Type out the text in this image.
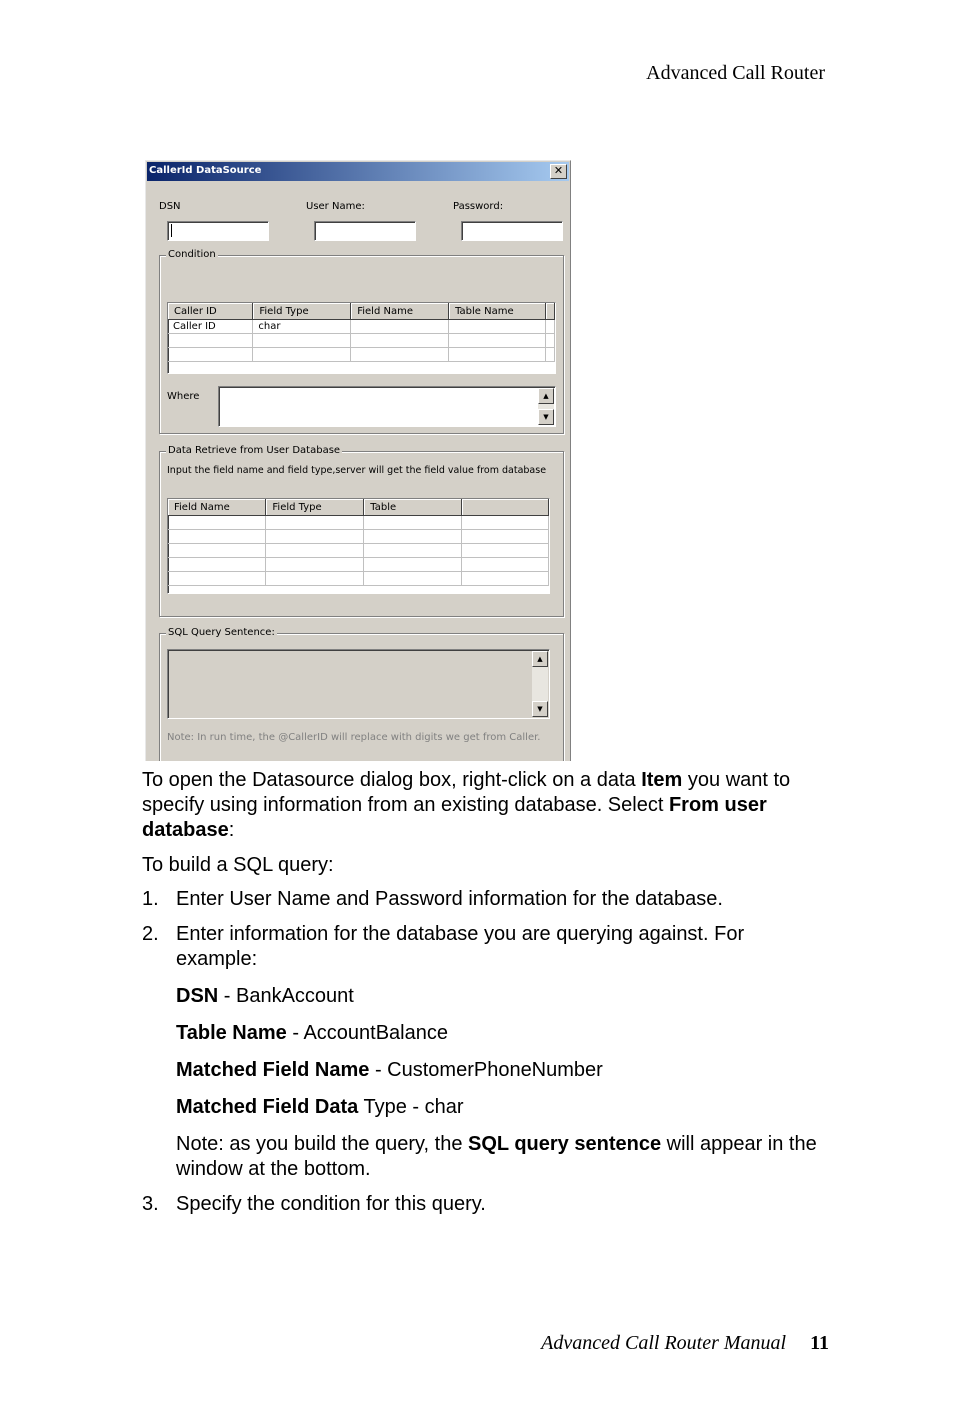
Advanced Call Router
CallerId DataSource	✕
DSN	User Name:	Password:
Condition
Caller ID	Field Type	Field Name	Table Name	
Caller ID	char			

Where	▲
▼
Data Retrieve from User Database
Input the field name and field type,server will get the field value from database
Field Name	Field Type	Table	

SQL Query Sentence:
▲
▼
Note: In run time, the @CallerID will replace with digits we get from Caller.
To open the Datasource dialog box, right-click on a data Item you want to
specify using information from an existing database. Select From user
database:
To build a SQL query:
1. Enter User Name and Password information for the database.
2. Enter information for the database you are querying against. For
example:
DSN - BankAccount
Table Name - AccountBalance
Matched Field Name - CustomerPhoneNumber
Matched Field Data Type - char
Note: as you build the query, the SQL query sentence will appear in the
window at the bottom.
3. Specify the condition for this query.
Advanced Call Router Manual 11
